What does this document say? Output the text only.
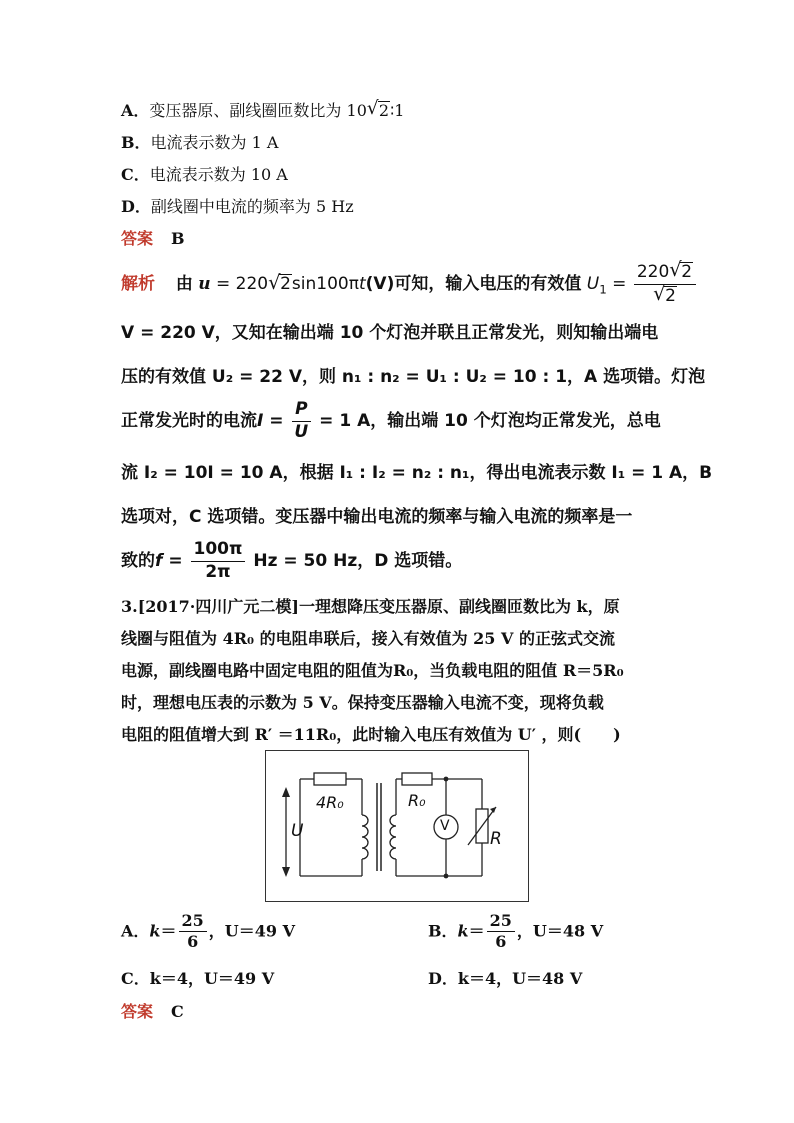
A．变压器原、副线圈匝数比为 10 √ 2∶1
B．电流表示数为 1 A
C．电流表示数为 10 A
D．副线圈中电流的频率为 5 Hz
答案 B
解析 由 u = 220 √ 2sin100πt(V)可知，输入电压的有效值 $U_1 = \frac{220 √ 2}{√ 2}$
V = 220 V，又知在输出端 10 个灯泡并联且正常发光，则知输出端电
压的有效值 U₂ = 22 V，则 n₁ : n₂ = U₁ : U₂ = 10 : 1，A 选项错。灯泡
正常发光时的电流$I = \frac{P}{U} = 1$ A，输出端 10 个灯泡均正常发光，总电
流 I₂ = 10I = 10 A，根据 I₁ : I₂ = n₂ : n₁，得出电流表示数 I₁ = 1 A，B
选项对，C 选项错。变压器中输出电流的频率与输入电流的频率是一
致的$f = \frac{100\pi}{2\pi}$ Hz = 50 Hz，D 选项错。
3.[2017·四川广元二模]一理想降压变压器原、副线圈匝数比为 k，原
线圈与阻值为 4R₀ 的电阻串联后，接入有效值为 25 V 的正弦式交流
电源，副线圈电路中固定电阻的阻值为R₀，当负载电阻的阻值 R＝5R₀
时，理想电压表的示数为 5 V。保持变压器输入电流不变，现将负载
电阻的阻值增大到 R′ ＝11R₀，此时输入电压有效值为 U′ ，则(　　)
4R₀	R₀
U	V
R
A．$k= \frac{25}{6}$ ，U＝49 V	B．$k= \frac{25}{6}$ ，U＝48 V
C．k＝4，U＝49 V	D．k＝4，U＝48 V
答案 C
